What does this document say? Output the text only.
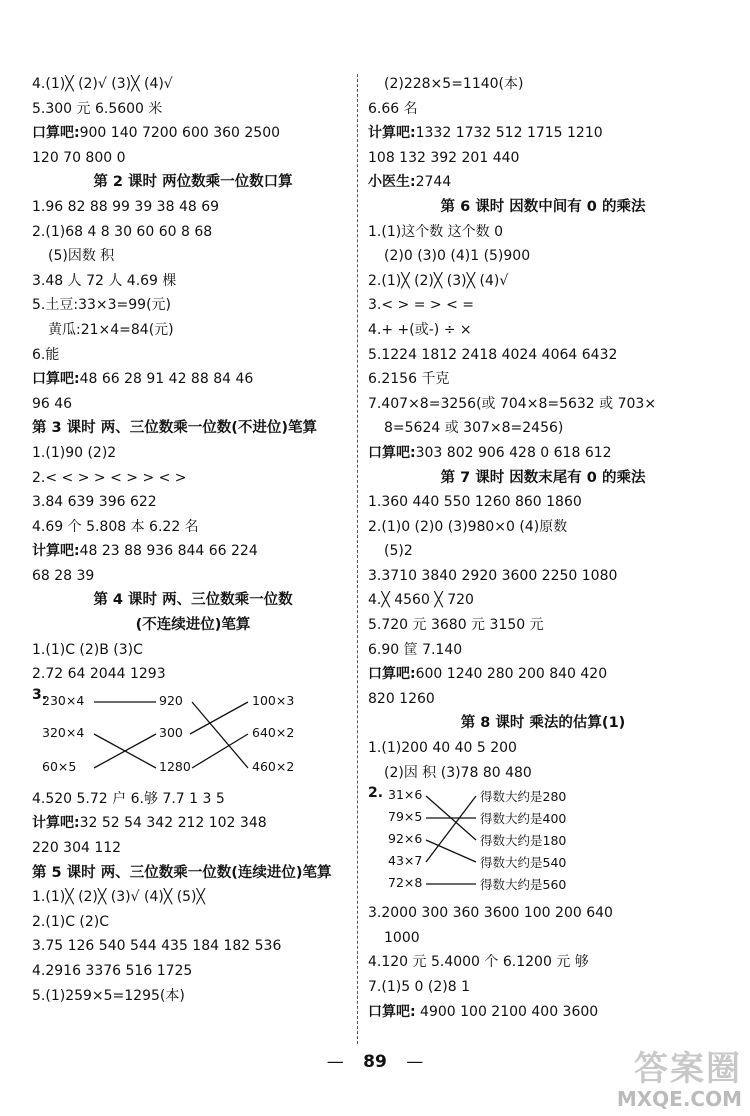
4.(1)╳ (2)√ (3)╳ (4)√
5.300 元 6.5600 米
口算吧:900 140 7200 600 360 2500
120 70 800 0
第 2 课时 两位数乘一位数口算
1.96 82 88 99 39 38 48 69
2.(1)68 4 8 30 60 60 8 68
(5)因数 积
3.48 人 72 人 4.69 棵
5.土豆:33×3=99(元)
黄瓜:21×4=84(元)
6.能
口算吧:48 66 28 91 42 88 84 46
96 46
第 3 课时 两、三位数乘一位数(不进位)笔算
1.(1)90 (2)2
2.< < > > < > > < >
3.84 639 396 622
4.69 个 5.808 本 6.22 名
计算吧:48 23 88 936 844 66 224
68 28 39
第 4 课时 两、三位数乘一位数
(不连续进位)笔算
1.(1)C (2)B (3)C
2.72 64 2044 1293
3.
230×4	920	100×3
320×4	300	640×2
60×5	1280	460×2
4.520 5.72 户 6.够 7.7 1 3 5
计算吧:32 52 54 342 212 102 348
220 304 112
第 5 课时 两、三位数乘一位数(连续进位)笔算
1.(1)╳ (2)╳ (3)√ (4)╳ (5)╳
2.(1)C (2)C
3.75 126 540 544 435 184 182 536
4.2916 3376 516 1725
5.(1)259×5=1295(本)
(2)228×5=1140(本)
6.66 名
计算吧:1332 1732 512 1715 1210
108 132 392 201 440
小医生:2744
第 6 课时 因数中间有 0 的乘法
1.(1)这个数 这个数 0
(2)0 (3)0 (4)1 (5)900
2.(1)╳ (2)╳ (3)╳ (4)√
3.< > = > < =
4.+ +(或-) ÷ ×
5.1224 1812 2418 4024 4064 6432
6.2156 千克
7.407×8=3256(或 704×8=5632 或 703×
8=5624 或 307×8=2456)
口算吧:303 802 906 428 0 618 612
第 7 课时 因数末尾有 0 的乘法
1.360 440 550 1260 860 1860
2.(1)0 (2)0 (3)980×0 (4)原数
(5)2
3.3710 3840 2920 3600 2250 1080
4.╳ 4560 ╳ 720
5.720 元 3680 元 3150 元
6.90 筐 7.140
口算吧:600 1240 280 200 840 420
820 1260
第 8 课时 乘法的估算(1)
1.(1)200 40 40 5 200
(2)因 积 (3)78 80 480
2. 31×6	得数大约是280
79×5	得数大约是400
92×6	得数大约是180
43×7	得数大约是540
72×8	得数大约是560
3.2000 300 360 3600 100 200 640
1000
4.120 元 5.4000 个 6.1200 元 够
7.(1)5 0 (2)8 1
口算吧: 4900 100 2100 400 3600
— 89 —	答案圈
MXQE.COM
